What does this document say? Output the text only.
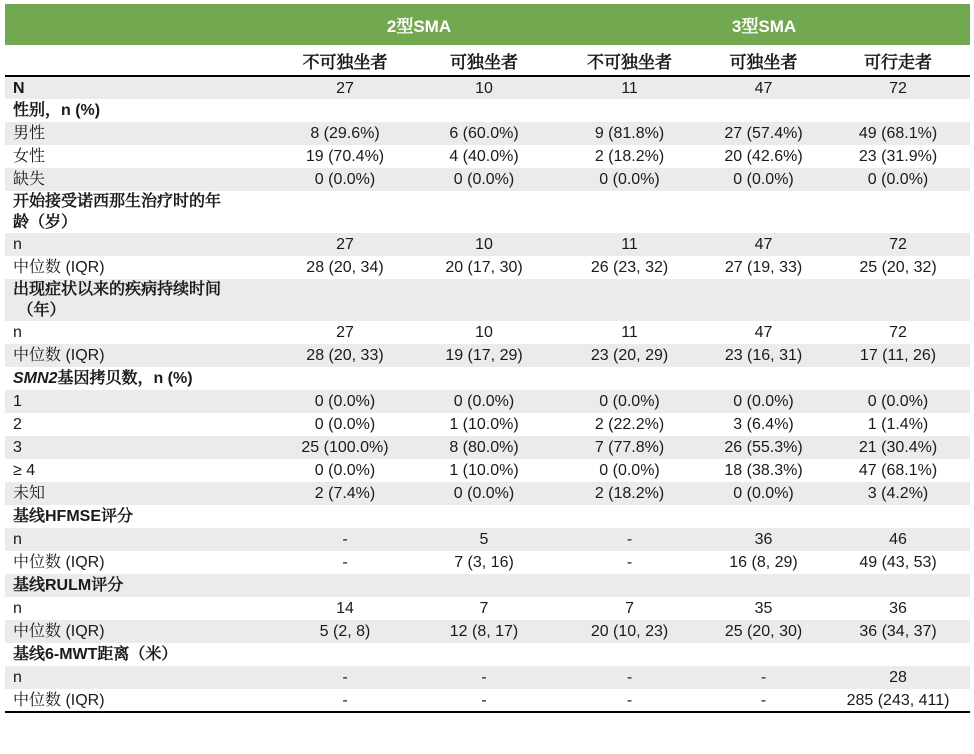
	2型SMA		3型SMA		
	不可独坐者	可独坐者	不可独坐者	可独坐者	可行走者
N	27	10	11	47	72
性别，n (%)					
男性	8 (29.6%)	6 (60.0%)	9 (81.8%)	27 (57.4%)	49 (68.1%)
女性	19 (70.4%)	4 (40.0%)	2 (18.2%)	20 (42.6%)	23 (31.9%)
缺失	0 (0.0%)	0 (0.0%)	0 (0.0%)	0 (0.0%)	0 (0.0%)

开始接受诺西那生治疗时的年
龄（岁）					

n	27	10	11	47	72
中位数 (IQR)	28 (20, 34)	20 (17, 30)	26 (23, 32)	27 (19, 33)	25 (20, 32)

出现症状以来的疾病持续时间
（年）					

n	27	10	11	47	72
中位数 (IQR)	28 (20, 33)	19 (17, 29)	23 (20, 29)	23 (16, 31)	17 (11, 26)
SMN2基因拷贝数，n (%)					
1	0 (0.0%)	0 (0.0%)	0 (0.0%)	0 (0.0%)	0 (0.0%)
2	0 (0.0%)	1 (10.0%)	2 (22.2%)	3 (6.4%)	1 (1.4%)
3	25 (100.0%)	8 (80.0%)	7 (77.8%)	26 (55.3%)	21 (30.4%)
≥ 4	0 (0.0%)	1 (10.0%)	0 (0.0%)	18 (38.3%)	47 (68.1%)
未知	2 (7.4%)	0 (0.0%)	2 (18.2%)	0 (0.0%)	3 (4.2%)
基线HFMSE评分					
n	-	5	-	36	46
中位数 (IQR)	-	7 (3, 16)	-	16 (8, 29)	49 (43, 53)
基线RULM评分					
n	14	7	7	35	36
中位数 (IQR)	5 (2, 8)	12 (8, 17)	20 (10, 23)	25 (20, 30)	36 (34, 37)
基线6-MWT距离（米）					
n	-	-	-	-	28
中位数 (IQR)	-	-	-	-	285 (243, 411)
